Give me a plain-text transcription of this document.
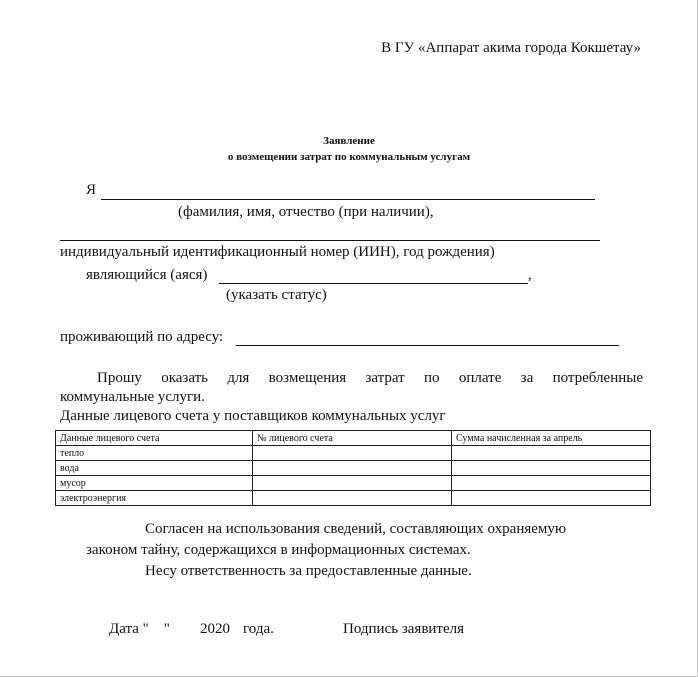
В ГУ «Аппарат акима города Кокшетау»
Заявление
о возмещении затрат по коммунальным услугам
Я
(фамилия, имя, отчество (при наличии),
индивидуальный идентификационный номер (ИИН), год рождения)
являющийся (аяся)	,
(указать статус)
проживающий по адресу:
Прошу оказать для возмещения затрат по оплате за потребленные
коммунальные услуги.
Данные лицевого счета у поставщиков коммунальных услуг
Данные лицевого счета	№ лицевого счета	Сумма начисленная за апрель
тепло		
вода		
мусор		
электроэнергия		
Согласен на использования сведений, составляющих охраняемую
законом тайну, содержащихся в информационных системах.
Несу ответственность за предоставленные данные.
Дата "    " 2020 года.	Подпись заявителя
